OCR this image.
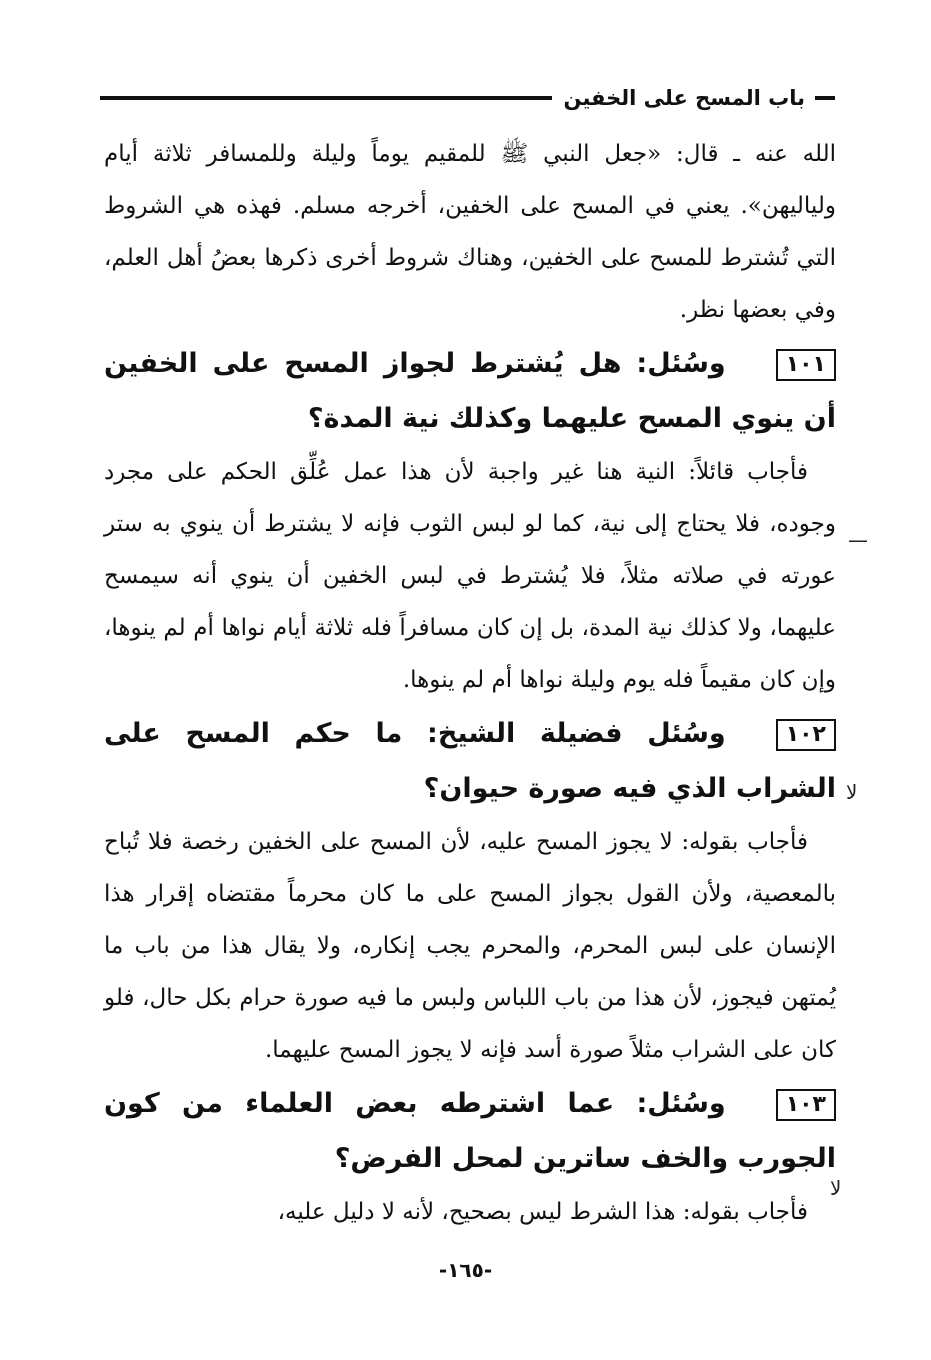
باب المسح على الخفين

الله عنه ـ قال: «جعل النبي ﷺ للمقيم يوماً وليلة وللمسافر ثلاثة أيام ولياليهن». يعني في المسح على الخفين، أخرجه مسلم. فهذه هي الشروط التي تُشترط للمسح على الخفين، وهناك شروط أخرى ذكرها بعضُ أهل العلم، وفي بعضها نظر.

١٠١وسُئل: هل يُشترط لجواز المسح على الخفين أن ينوي المسح عليهما وكذلك نية المدة؟

فأجاب قائلاً: النية هنا غير واجبة لأن هذا عمل عُلِّق الحكم على مجرد وجوده، فلا يحتاج إلى نية، كما لو لبس الثوب فإنه لا يشترط أن ينوي به ستر عورته في صلاته مثلاً، فلا يُشترط في لبس الخفين أن ينوي أنه سيمسح عليهما، ولا كذلك نية المدة، بل إن كان مسافراً فله ثلاثة أيام نواها أم لم ينوها، وإن كان مقيماً فله يوم وليلة نواها أم لم ينوها.

١٠٢وسُئل فضيلة الشيخ: ما حكم المسح على الشراب الذي فيه صورة حيوان؟

فأجاب بقوله: لا يجوز المسح عليه، لأن المسح على الخفين رخصة فلا تُباح بالمعصية، ولأن القول بجواز المسح على ما كان محرماً مقتضاه إقرار هذا الإنسان على لبس المحرم، والمحرم يجب إنكاره، ولا يقال هذا من باب ما يُمتهن فيجوز، لأن هذا من باب اللباس ولبس ما فيه صورة حرام بكل حال، فلو كان على الشراب مثلاً صورة أسد فإنه لا يجوز المسح عليهما.

١٠٣وسُئل: عما اشترطه بعض العلماء من كون الجورب والخف ساترين لمحل الفرض؟

فأجاب بقوله: هذا الشرط ليس بصحيح، لأنه لا دليل عليه،

—
ﻻ
ﻻ
-١٦٥-
